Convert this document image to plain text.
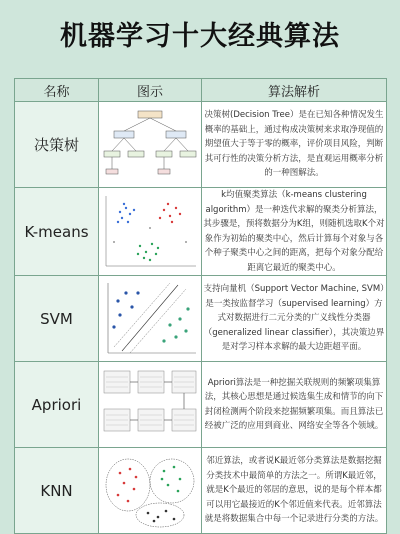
机器学习十大经典算法
名称	图示	算法解析
决策树		决策树(Decision Tree）是在已知各种情况发生概率的基础上，通过构成决策树来求取净现值的期望值大于等于零的概率，评价项目风险，判断其可行性的决策分析方法，是直观运用概率分析的一种图解法。
K-means		k均值聚类算法（k-means clustering algorithm）是一种迭代求解的聚类分析算法，其步骤是，预将数据分为K组，则随机选取K个对象作为初始的聚类中心，然后计算每个对象与各个种子聚类中心之间的距离，把每个对象分配给距离它最近的聚类中心。
SVM		支持向量机（Support Vector Machine, SVM）是一类按监督学习（supervised learning）方式对数据进行二元分类的广义线性分类器（generalized linear classifier），其决策边界是对学习样本求解的最大边距超平面。
Apriori		Apriori算法是一种挖掘关联规则的频繁项集算法，其核心思想是通过候选集生成和情节的向下封闭检测两个阶段来挖掘频繁项集。而且算法已经被广泛的应用到商业、网络安全等各个领域。
KNN		邻近算法，或者说K最近邻分类算法是数据挖掘分类技术中最简单的方法之一。所谓K最近邻，就是K个最近的邻居的意思，说的是每个样本都可以用它最接近的K个邻近值来代表。近邻算法就是将数据集合中每一个记录进行分类的方法。
